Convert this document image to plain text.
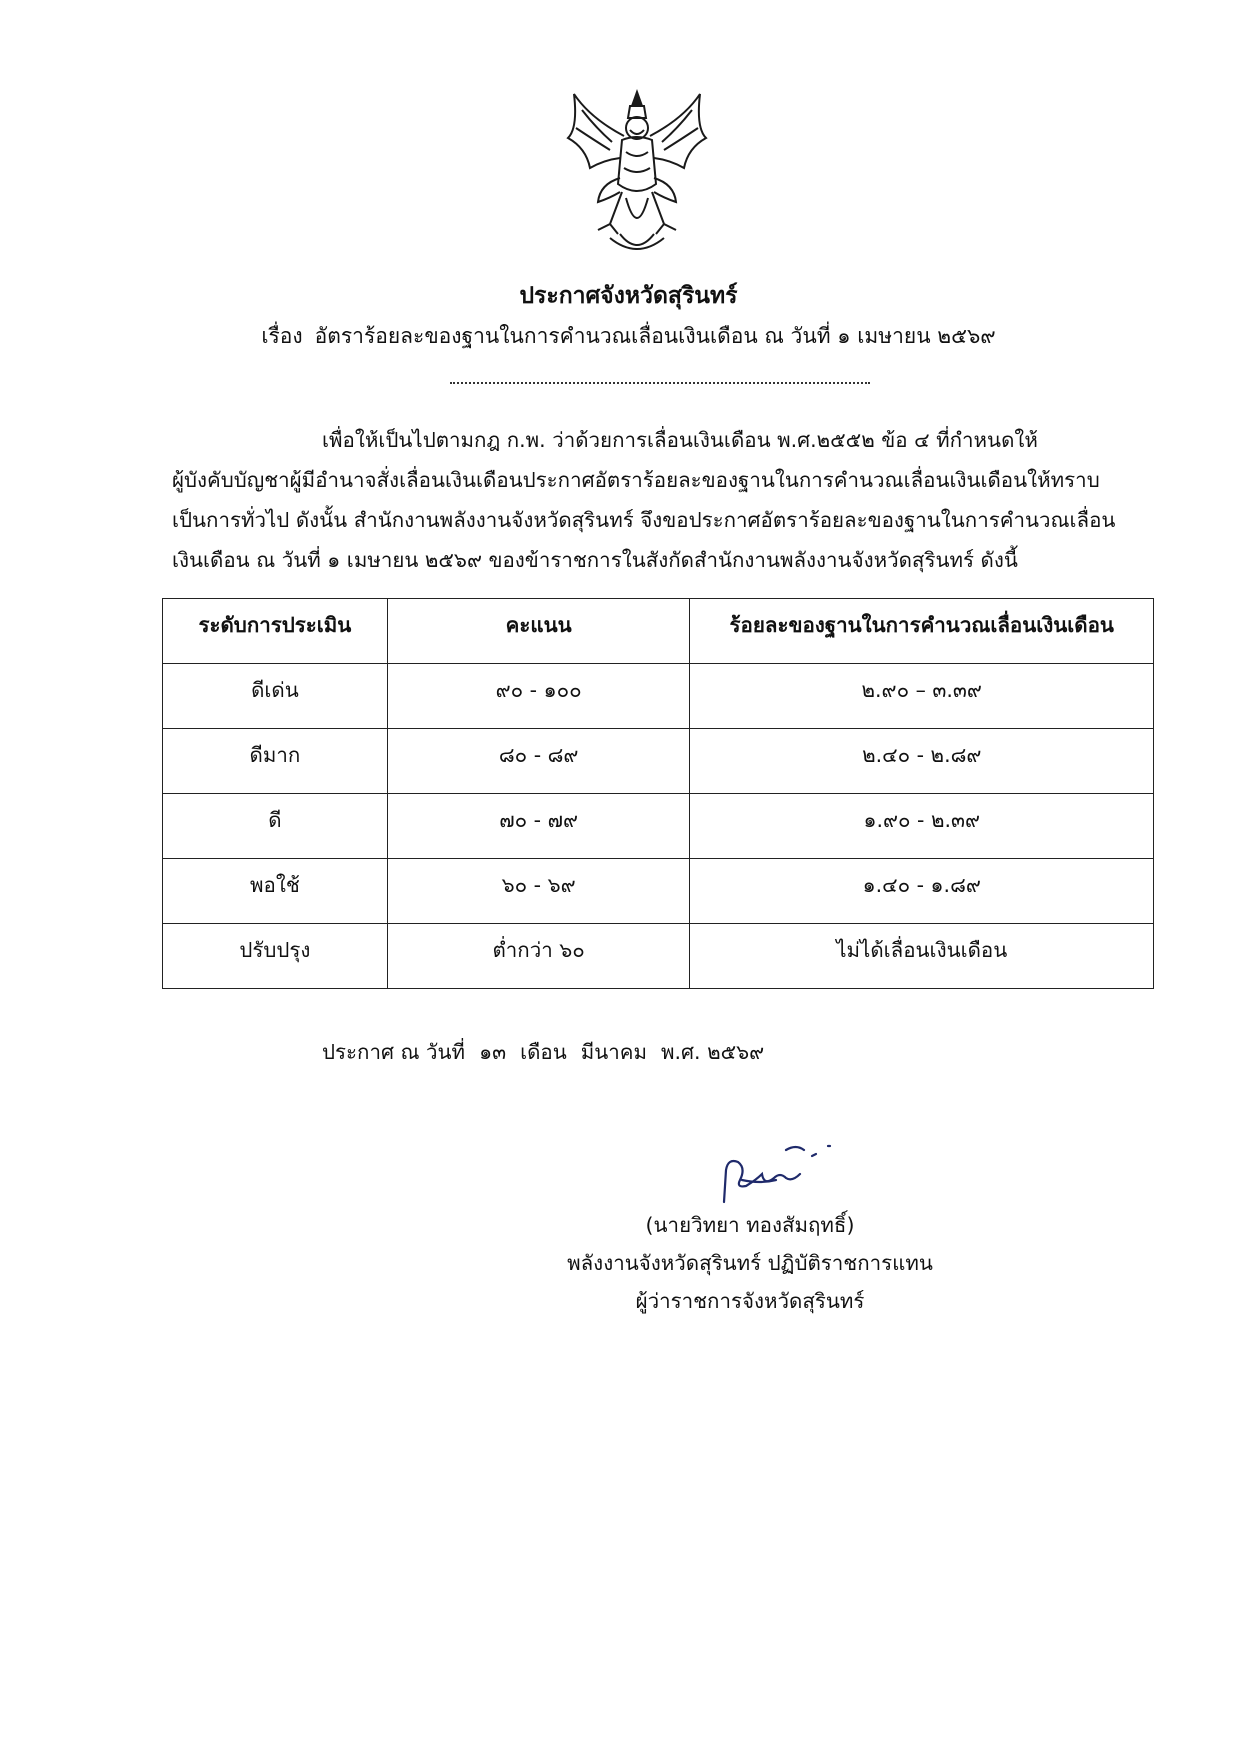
ประกาศจังหวัดสุรินทร์
เรื่อง อัตราร้อยละของฐานในการคำนวณเลื่อนเงินเดือน ณ วันที่ ๑ เมษายน ๒๕๖๙

เพื่อให้เป็นไปตามกฎ ก.พ. ว่าด้วยการเลื่อนเงินเดือน พ.ศ.๒๕๕๒ ข้อ ๔ ที่กำหนดให้
ผู้บังคับบัญชาผู้มีอำนาจสั่งเลื่อนเงินเดือนประกาศอัตราร้อยละของฐานในการคำนวณเลื่อนเงินเดือนให้ทราบ
เป็นการทั่วไป ดังนั้น สำนักงานพลังงานจังหวัดสุรินทร์ จึงขอประกาศอัตราร้อยละของฐานในการคำนวณเลื่อน
เงินเดือน ณ วันที่ ๑ เมษายน ๒๕๖๙ ของข้าราชการในสังกัดสำนักงานพลังงานจังหวัดสุรินทร์ ดังนี้

ระดับการประเมิน	คะแนน	ร้อยละของฐานในการคำนวณเลื่อนเงินเดือน
ดีเด่น	๙๐ - ๑๐๐	๒.๙๐ – ๓.๓๙
ดีมาก	๘๐ - ๘๙	๒.๔๐ - ๒.๘๙
ดี	๗๐ - ๗๙	๑.๙๐ - ๒.๓๙
พอใช้	๖๐ - ๖๙	๑.๔๐ - ๑.๘๙
ปรับปรุง	ต่ำกว่า ๖๐	ไม่ได้เลื่อนเงินเดือน
ประกาศ ณ วันที่ ๑๓ เดือน มีนาคม พ.ศ. ๒๕๖๙
(นายวิทยา ทองสัมฤทธิ์)
พลังงานจังหวัดสุรินทร์ ปฏิบัติราชการแทน
ผู้ว่าราชการจังหวัดสุรินทร์
